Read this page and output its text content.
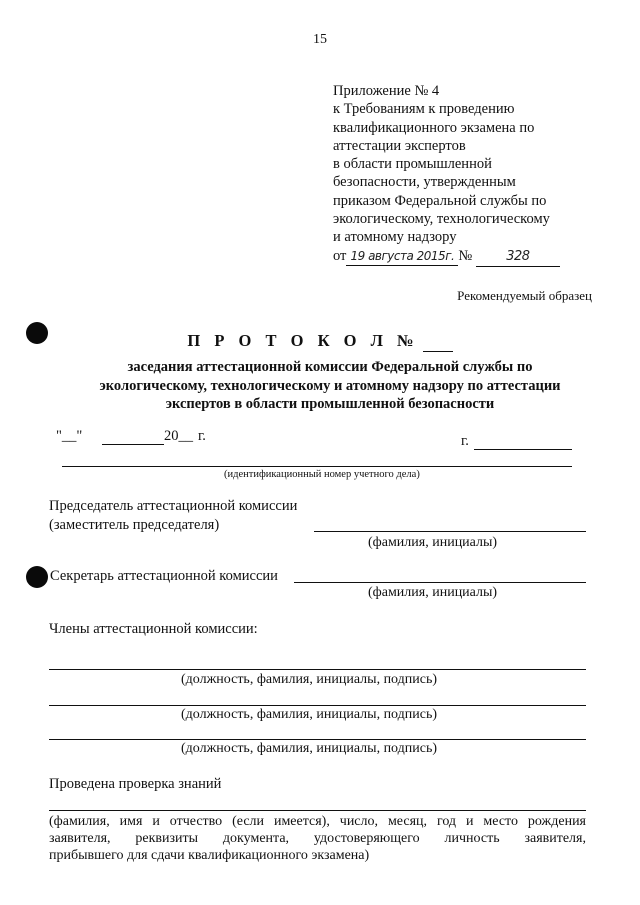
15
Приложение № 4
к Требованиям к проведению
квалификационного экзамена по
аттестации экспертов
в области промышленной
безопасности, утвержденным
приказом Федеральной службы по
экологическому, технологическому
и атомному надзору
от 19 августа 2015г. №	328
Рекомендуемый образец
П Р О Т О К О Л №
заседания аттестационной комиссии Федеральной службы по
экологическому, технологическому и атомному надзору по аттестации
экспертов в области промышленной безопасности
"__"	20__ г.	г.
(идентификационный номер учетного дела)
Председатель аттестационной комиссии
(заместитель председателя)
(фамилия, инициалы)
Секретарь аттестационной комиссии
(фамилия, инициалы)
Члены аттестационной комиссии:
(должность, фамилия, инициалы, подпись)
(должность, фамилия, инициалы, подпись)
(должность, фамилия, инициалы, подпись)
Проведена проверка знаний
(фамилия, имя и отчество (если имеется), число, месяц, год и место рождения
заявителя, реквизиты документа, удостоверяющего личность заявителя,
прибывшего для сдачи квалификационного экзамена)
